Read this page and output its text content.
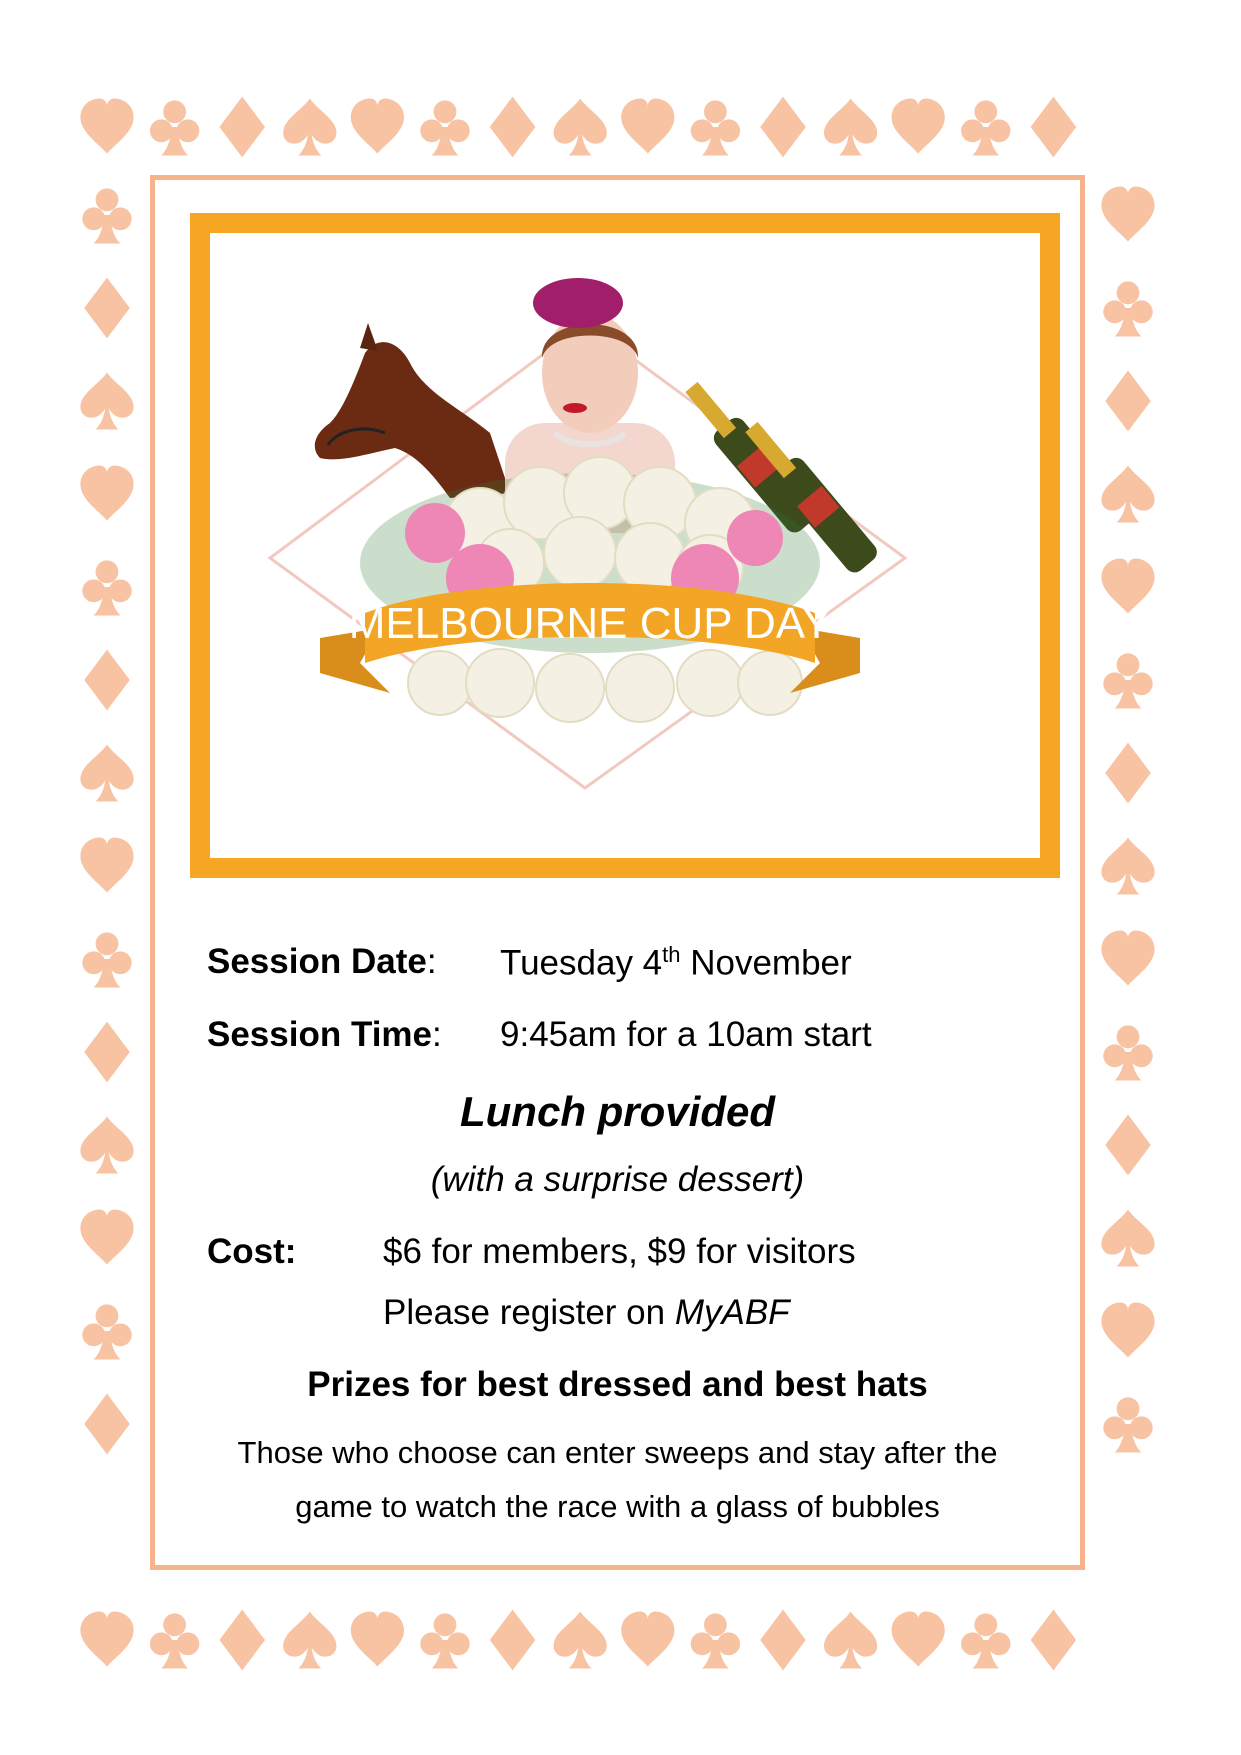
MELBOURNE CUP DAY
Session Date: Tuesday 4th November
Session Time: 9:45am for a 10am start
Lunch provided
(with a surprise dessert)
Cost: $6 for members, $9 for visitors
Please register on MyABF
Prizes for best dressed and best hats
Those who choose can enter sweeps and stay after the
game to watch the race with a glass of bubbles
